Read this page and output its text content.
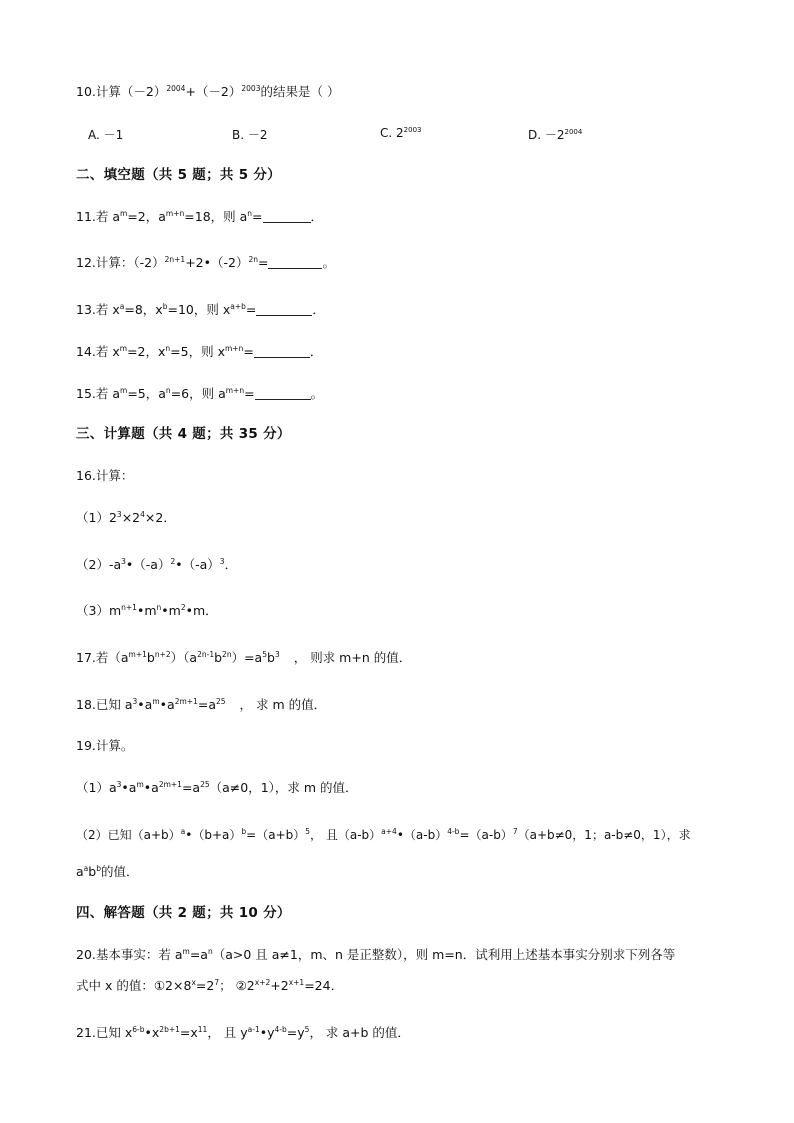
10.计算$(-2)^{2004}+(-2)^{2003}$的结果是（ ）
A. －1	B. －2	C. $2^{2003}$	D. $-2^{2004}$
二、填空题（共 5 题；共 5 分）
11.若 $a^m=2$，$a^{m+n}=18$，则 $a^n=$	．
12.计算：$(-2)^{2n+1}+2•(-2)^{2n}=$	。
13.若 $x^a=8$，$x^b=10$，则 $x^{a+b}=$	．
14.若 $x^m=2$，$x^n=5$，则 $x^{m+n}=$	．
15.若 $a^m=5$，$a^n=6$，则 $a^{m+n}=$	。
三、计算题（共 4 题；共 35 分）
16.计算：
$(1)2^3\times 2^4\times 2$．
$(2)-a^3•(-a)^2•(-a)^3$．
$(3)m^{n+1}•m^n•m^2•m$．
17.若$(a^{m+1}b^{n+2})(a^{2n-1}b^{2n})=a^5b^3$ ， 则求 m+n 的值．
18.已知 $a^3•a^m•a^{2m+1}=a^{25}$ ， 求 m 的值．
19.计算。
$(1)a^3•a^m•a^{2m+1}=a^{25}(a\ne 0$，1），求 m 的值．
（2）已知$(a+b)^a•(b+a)^b=(a+b)^5$， 且$(a-b)^{a+4}•(a-b)^{4-b}=(a-b)^7(a+b\ne 0$，1；a-b≠0，1），求
$a^ab^b$的值．
四、解答题（共 2 题；共 10 分）
20.基本事实：若 $a^m=a^n(a>0$ 且 a≠1，m、n 是正整数），则 m=n．试利用上述基本事实分别求下列各等
式中 x 的值：$①2\times 8^x=2^7$； $②2^{x+2}+2^{x+1}=24$．
21.已知 $x^{6-b}•x^{2b+1}=x^{11}$， 且 $y^{a-1}•y^{4-b}=y^5$， 求 a+b 的值．
